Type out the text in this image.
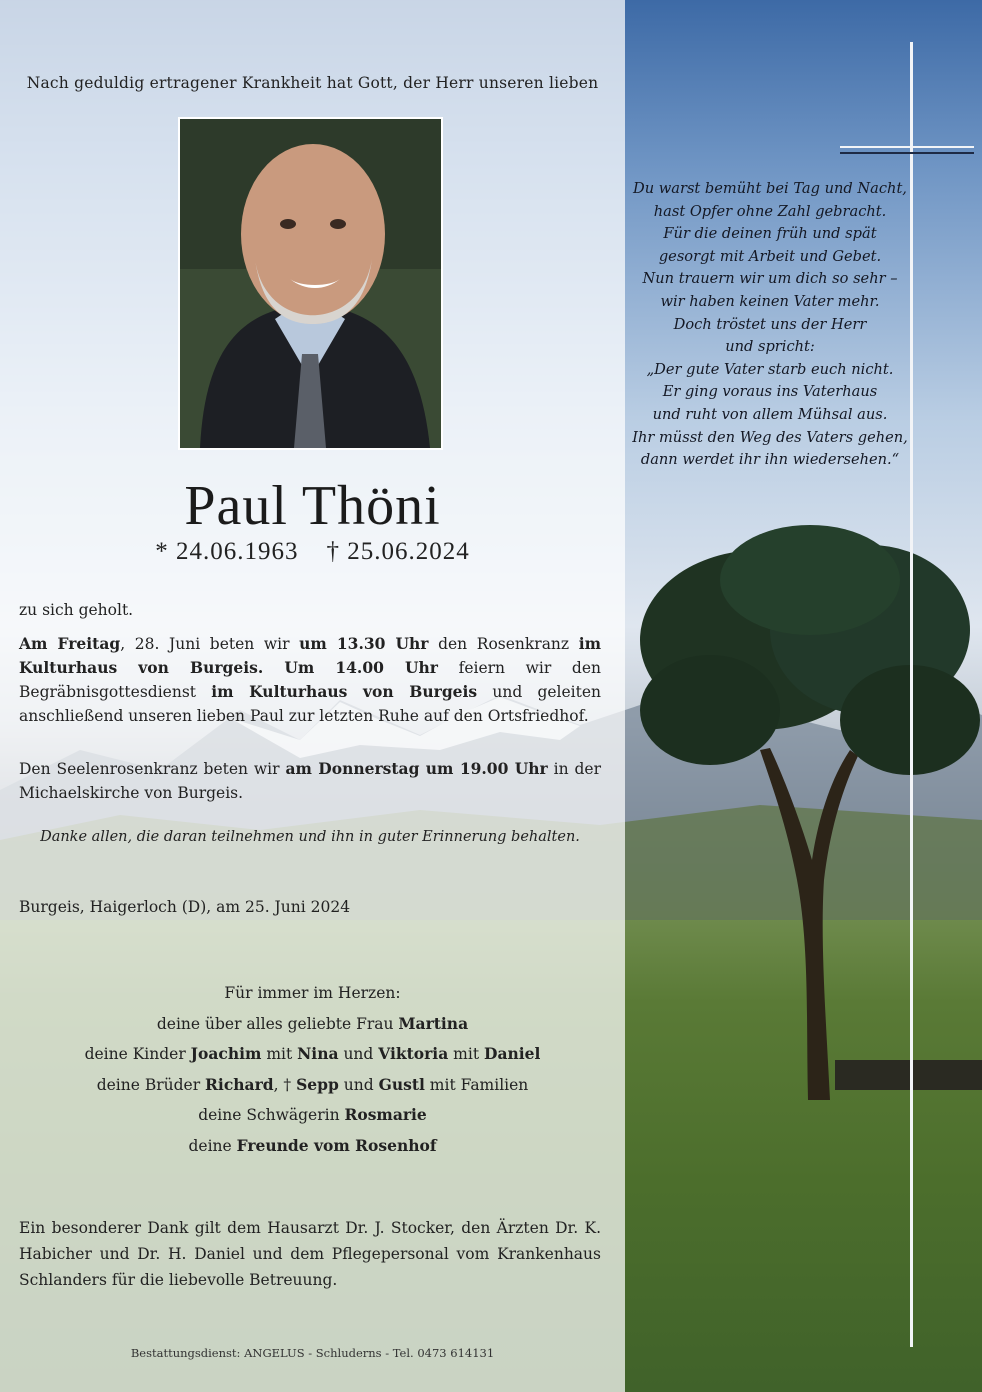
Nach geduldig ertragener Krankheit hat Gott, der Herr unseren lieben
Paul Thöni
* 24.06.1963 † 25.06.2024
zu sich geholt.
Am Freitag, 28. Juni beten wir um 13.30 Uhr den Rosenkranz im Kulturhaus von Burgeis. Um 14.00 Uhr feiern wir den Begräbnisgottesdienst im Kulturhaus von Burgeis und geleiten anschließend unseren lieben Paul zur letzten Ruhe auf den Ortsfriedhof.
Den Seelenrosenkranz beten wir am Donnerstag um 19.00 Uhr in der Michaelskirche von Burgeis.
Danke allen, die daran teilnehmen und ihn in guter Erinnerung behalten.
Burgeis, Haigerloch (D), am 25. Juni 2024
Für immer im Herzen:
deine über alles geliebte Frau Martina
deine Kinder Joachim mit Nina und Viktoria mit Daniel
deine Brüder Richard, † Sepp und Gustl mit Familien
deine Schwägerin Rosmarie
deine Freunde vom Rosenhof
Ein besonderer Dank gilt dem Hausarzt Dr. J. Stocker, den Ärzten Dr. K. Habicher und Dr. H. Daniel und dem Pflegepersonal vom Krankenhaus Schlanders für die liebevolle Betreuung.
Bestattungsdienst: ANGELUS - Schluderns - Tel. 0473 614131
Du warst bemüht bei Tag und Nacht,
hast Opfer ohne Zahl gebracht.
Für die deinen früh und spät
gesorgt mit Arbeit und Gebet.
Nun trauern wir um dich so sehr –
wir haben keinen Vater mehr.
Doch tröstet uns der Herr
und spricht:
„Der gute Vater starb euch nicht.
Er ging voraus ins Vaterhaus
und ruht von allem Mühsal aus.
Ihr müsst den Weg des Vaters gehen,
dann werdet ihr ihn wiedersehen.“
